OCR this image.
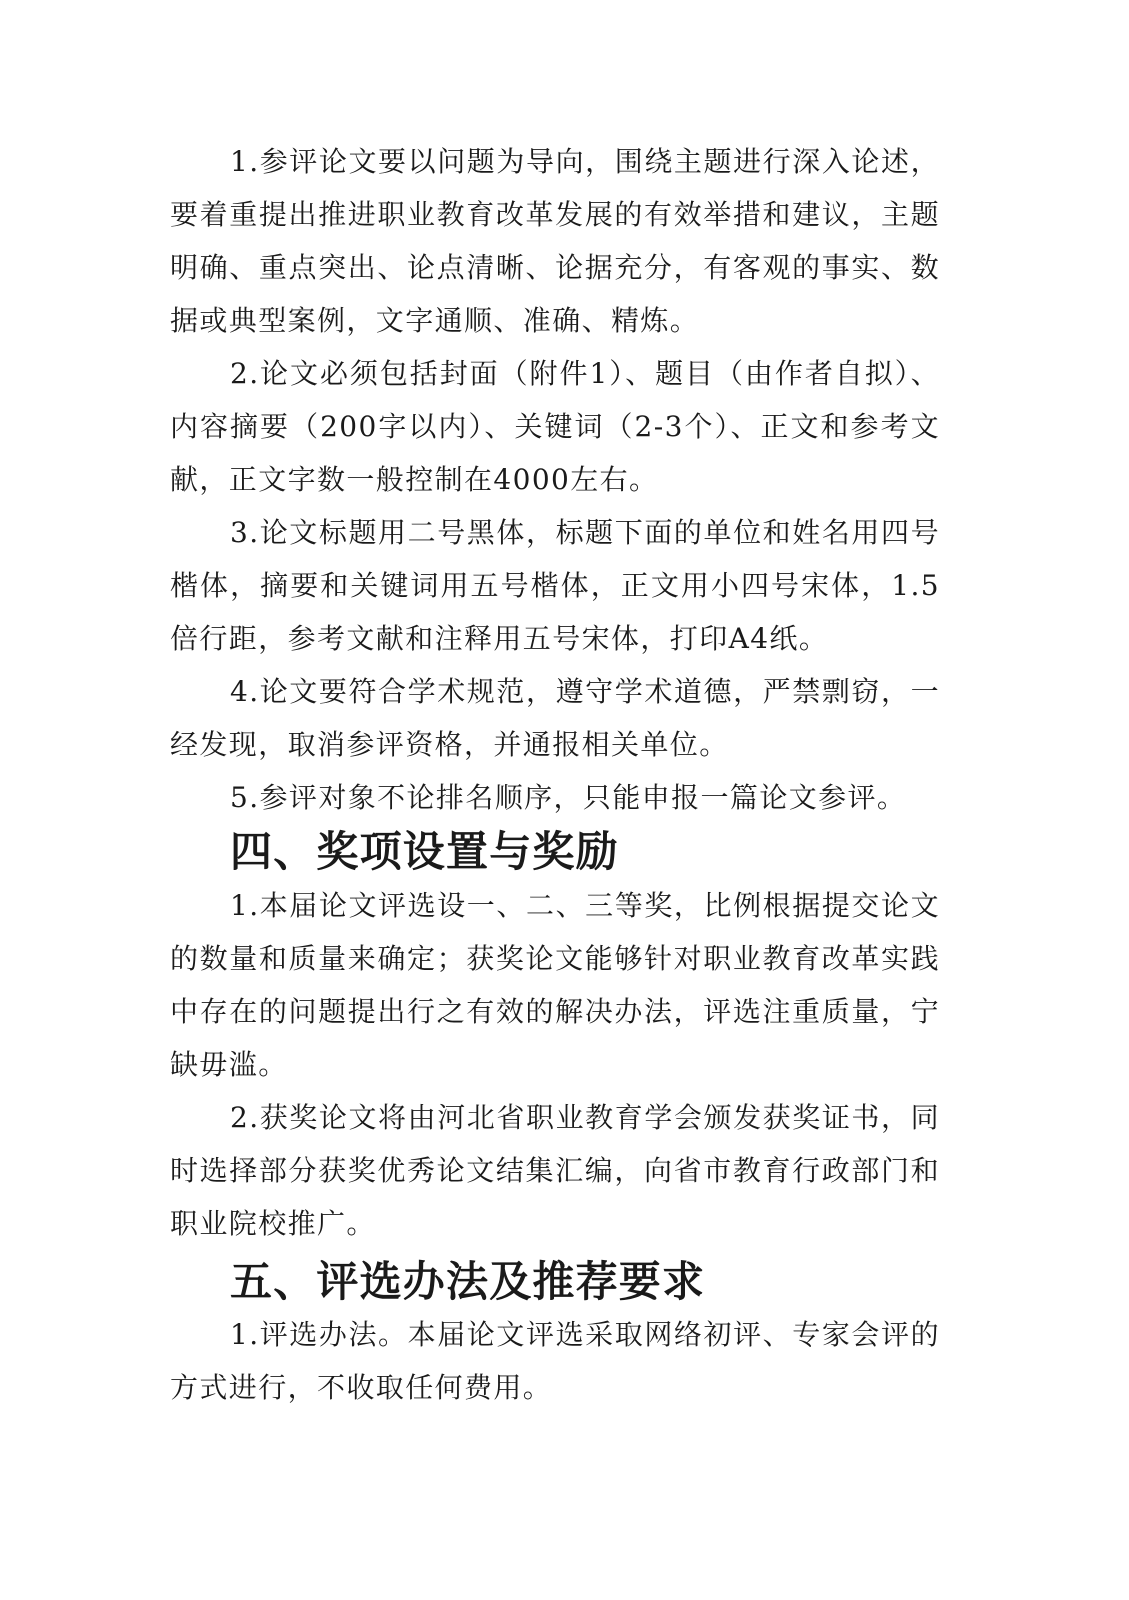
1.参评论文要以问题为导向，围绕主题进行深入论述，要着重提出推进职业教育改革发展的有效举措和建议，主题明确、重点突出、论点清晰、论据充分，有客观的事实、数据或典型案例，文字通顺、准确、精炼。

2.论文必须包括封面（附件1）、题目（由作者自拟）、内容摘要（200字以内）、关键词（2-3个）、正文和参考文献，正文字数一般控制在4000左右。

3.论文标题用二号黑体，标题下面的单位和姓名用四号楷体，摘要和关键词用五号楷体，正文用小四号宋体，1.5倍行距，参考文献和注释用五号宋体，打印A4纸。

4.论文要符合学术规范，遵守学术道德，严禁剽窃，一经发现，取消参评资格，并通报相关单位。

5.参评对象不论排名顺序，只能申报一篇论文参评。

四、奖项设置与奖励

1.本届论文评选设一、二、三等奖，比例根据提交论文的数量和质量来确定；获奖论文能够针对职业教育改革实践中存在的问题提出行之有效的解决办法，评选注重质量，宁缺毋滥。

2.获奖论文将由河北省职业教育学会颁发获奖证书，同时选择部分获奖优秀论文结集汇编，向省市教育行政部门和职业院校推广。

五、评选办法及推荐要求

1.评选办法。本届论文评选采取网络初评、专家会评的方式进行，不收取任何费用。
